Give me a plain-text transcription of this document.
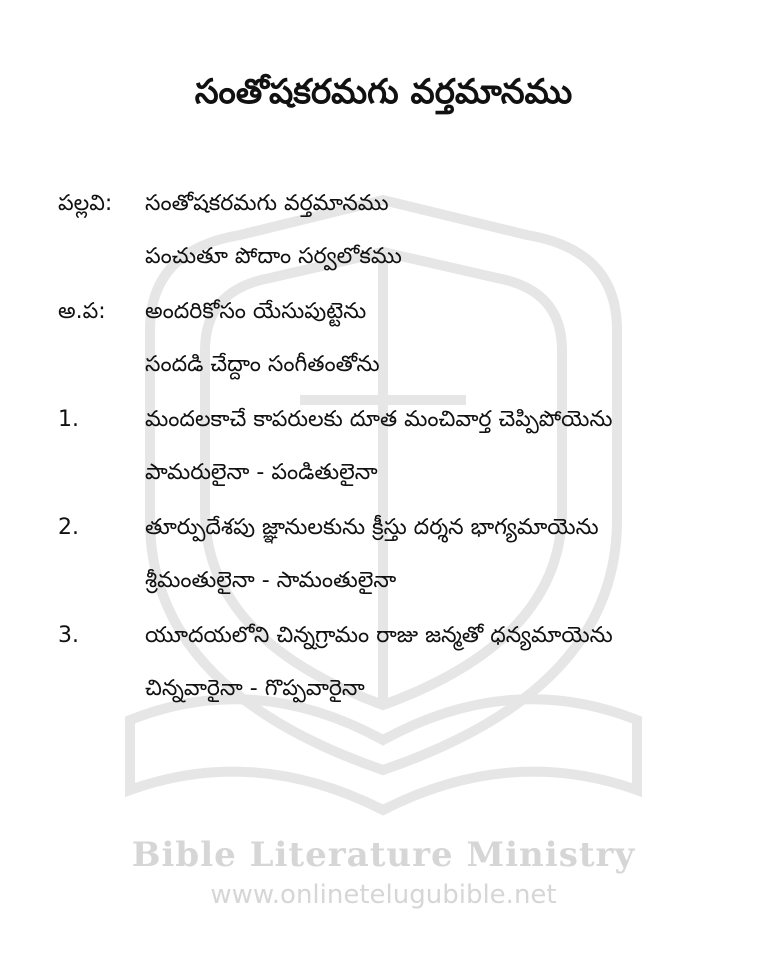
Bible Literature Ministry
www.onlinetelugubible.net
సంతోషకరమగు వర్తమానము
పల్లవి: సంతోషకరమగు వర్తమానము
పంచుతూ పోదాం సర్వలోకము
అ.ప: అందరికోసం యేసుపుట్టెను
సందడి చేద్దాం సంగీతంతోను
1.	మందలకాచే కాపరులకు దూత మంచివార్త చెప్పిపోయెను
పామరులైనా - పండితులైనా
2.	తూర్పుదేశపు జ్ఞానులకును క్రీస్తు దర్శన భాగ్యమాయెను
శ్రీమంతులైనా - సామంతులైనా
3.	యూదయలోని చిన్నగ్రామం రాజు జన్మతో ధన్యమాయెను
చిన్నవారైనా - గొప్పవారైనా
